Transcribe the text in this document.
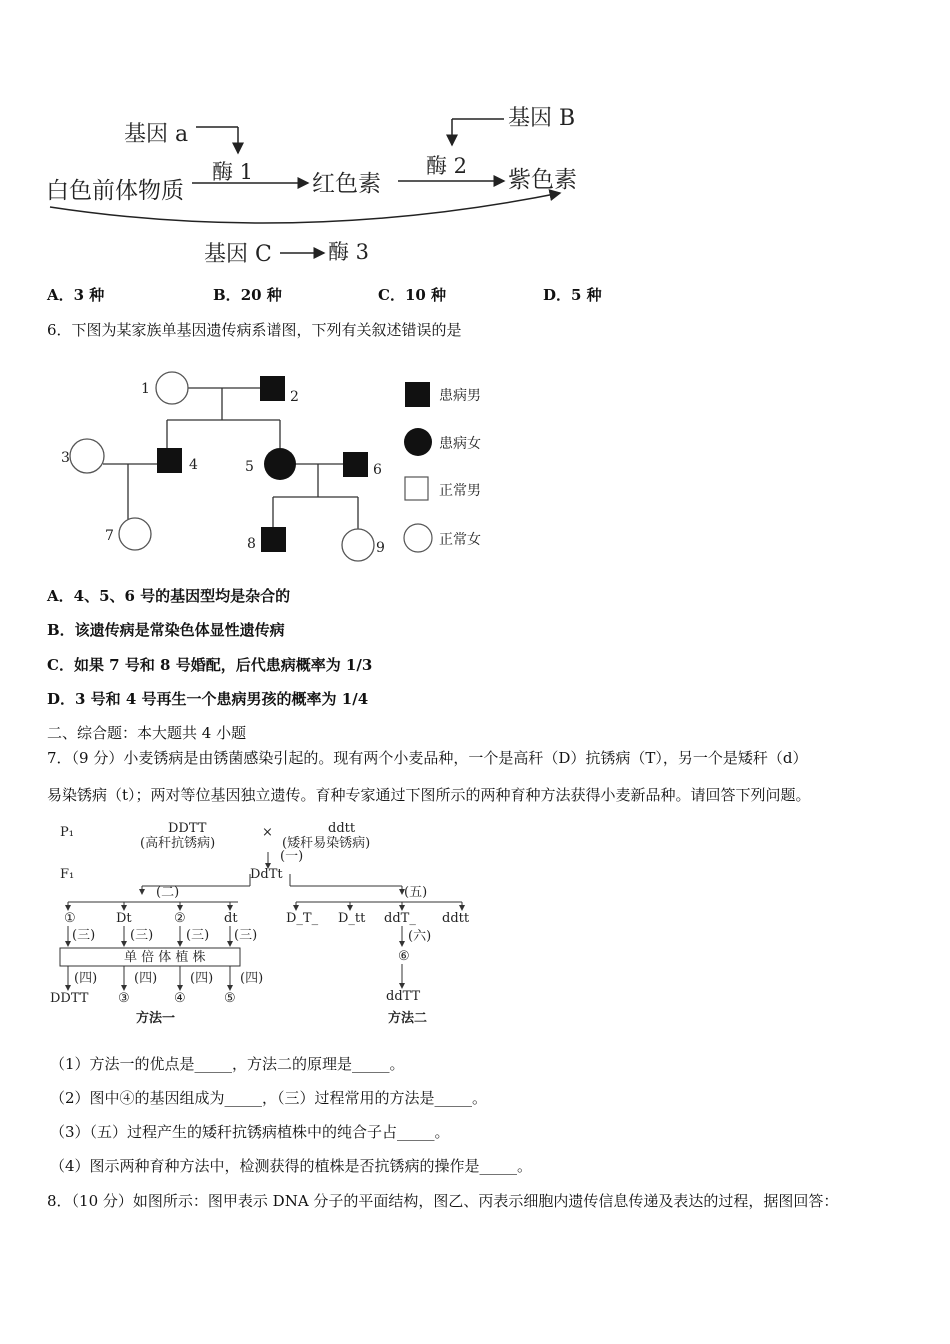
基因 a
酶 1
白色前体物质	红色素
基因 B
酶 2
紫色素
基因 C	酶 3
A．3 种	B．20 种	C．10 种	D．5 种
6．下图为某家族单基因遗传病系谱图，下列有关叙述错误的是
1	2
3	4	5	6
7	8	9
患病男
患病女
正常男
正常女
A．4、5、6 号的基因型均是杂合的
B．该遗传病是常染色体显性遗传病
C．如果 7 号和 8 号婚配，后代患病概率为 1/3
D．3 号和 4 号再生一个患病男孩的概率为 1/4
二、综合题：本大题共 4 小题
7．（9 分）小麦锈病是由锈菌感染引起的。现有两个小麦品种，一个是高秆（D）抗锈病（T），另一个是矮秆（d）
易染锈病（t）；两对等位基因独立遗传。育种专家通过下图所示的两种育种方法获得小麦新品种。请回答下列问题。
P₁	DDTT
(高秆抗锈病)
×	ddtt
(矮秆易染锈病)
(一)
F₁	DdTt
(二)	(五)
①	Dt	②	dt
(三)	(三)	(三) (三)
单 倍 体 植 株
(四)	(四)	(四) (四)
DDTT ③	④	⑤
方法一
D_T_ D_tt ddT_ ddtt
(六)
⑥
ddTT
方法二
（1）方法一的优点是_____，方法二的原理是_____。
（2）图中④的基因组成为_____，（三）过程常用的方法是_____。
（3）（五）过程产生的矮秆抗锈病植株中的纯合子占_____。
（4）图示两种育种方法中，检测获得的植株是否抗锈病的操作是_____。
8．（10 分）如图所示：图甲表示 DNA 分子的平面结构，图乙、丙表示细胞内遗传信息传递及表达的过程，据图回答：
